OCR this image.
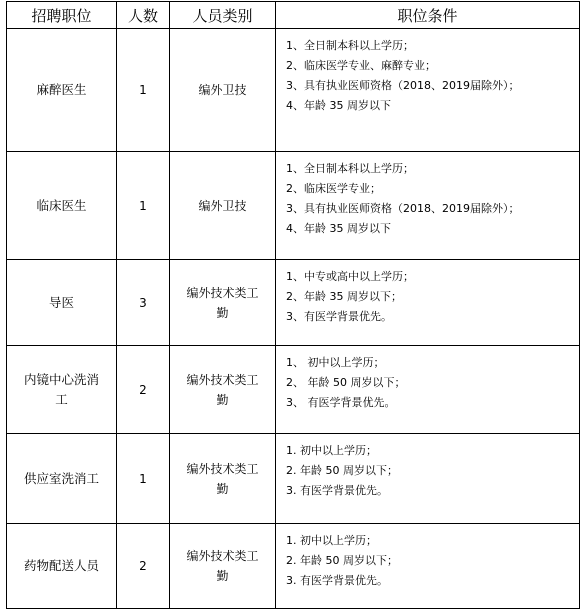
招聘职位	人数	人员类别	职位条件
麻醉医生	1	编外卫技	1、全日制本科以上学历；
2、临床医学专业、麻醉专业；
3、具有执业医师资格（2018、2019届除外）；
4、年龄 35 周岁以下

临床医生	1	编外卫技	1、全日制本科以上学历；
2、临床医学专业；
3、具有执业医师资格（2018、2019届除外）；
4、年龄 35 周岁以下

导医	3	编外技术类工勤	1、中专或高中以上学历；
2、年龄 35 周岁以下；
3、有医学背景优先。

内镜中心洗消工	2	编外技术类工勤	1、 初中以上学历；
2、 年龄 50 周岁以下；
3、 有医学背景优先。

供应室洗消工	1	编外技术类工勤	1. 初中以上学历；
2. 年龄 50 周岁以下；
3. 有医学背景优先。

药物配送人员	2	编外技术类工勤	1. 初中以上学历；
2. 年龄 50 周岁以下；
3. 有医学背景优先。
